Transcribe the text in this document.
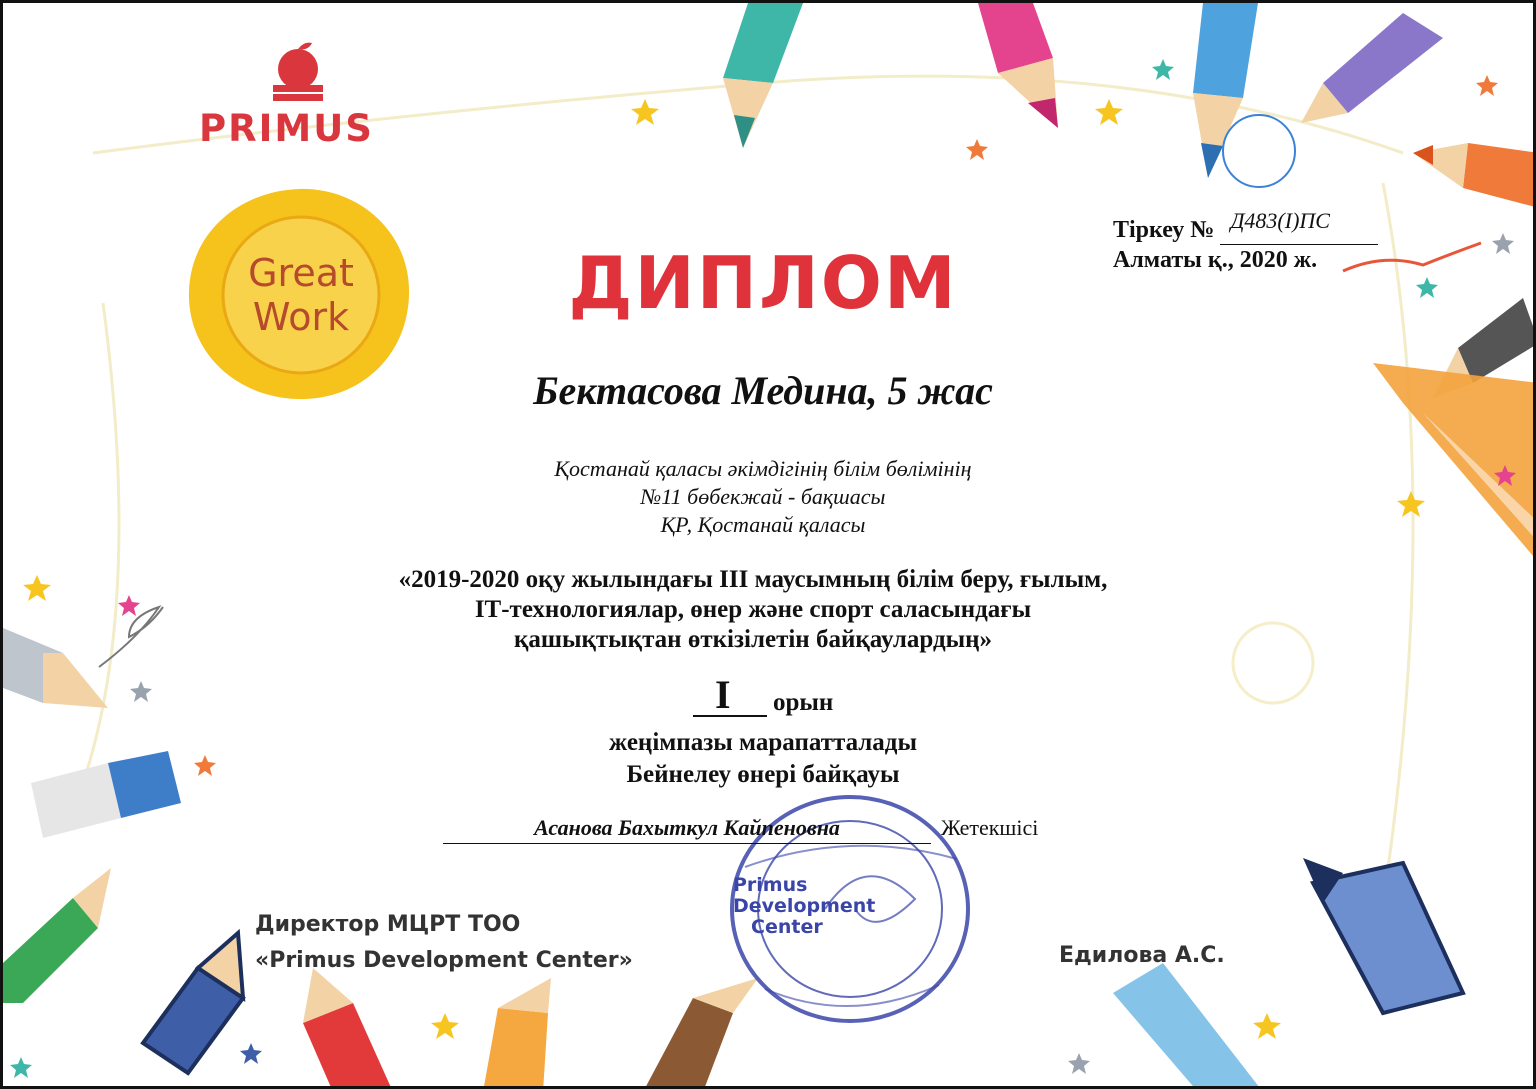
PRIMUS
Great
Work	ДИПЛОМ
Тіркеу № Д483(I)ПС
Алматы қ., 2020 ж.
Бектасова Медина, 5 жас
Қостанай қаласы әкімдігінің білім бөлімінің
№11 бөбекжай - бақшасы
ҚР, Қостанай қаласы
«2019-2020 оқу жылындағы ІІІ маусымның білім беру, ғылым,
ІТ-технологиялар, өнер және спорт саласындағы
қашықтықтан өткізілетін байқаулардың»
I орын
жеңімпазы марапатталады
Бейнелеу өнері байқауы
Primus
Development
Center
Асанова Бахыткул Кайпеновна	Жетекшісі
Директор МЦРТ ТОО
«Primus Development Center»	Едилова А.С.
